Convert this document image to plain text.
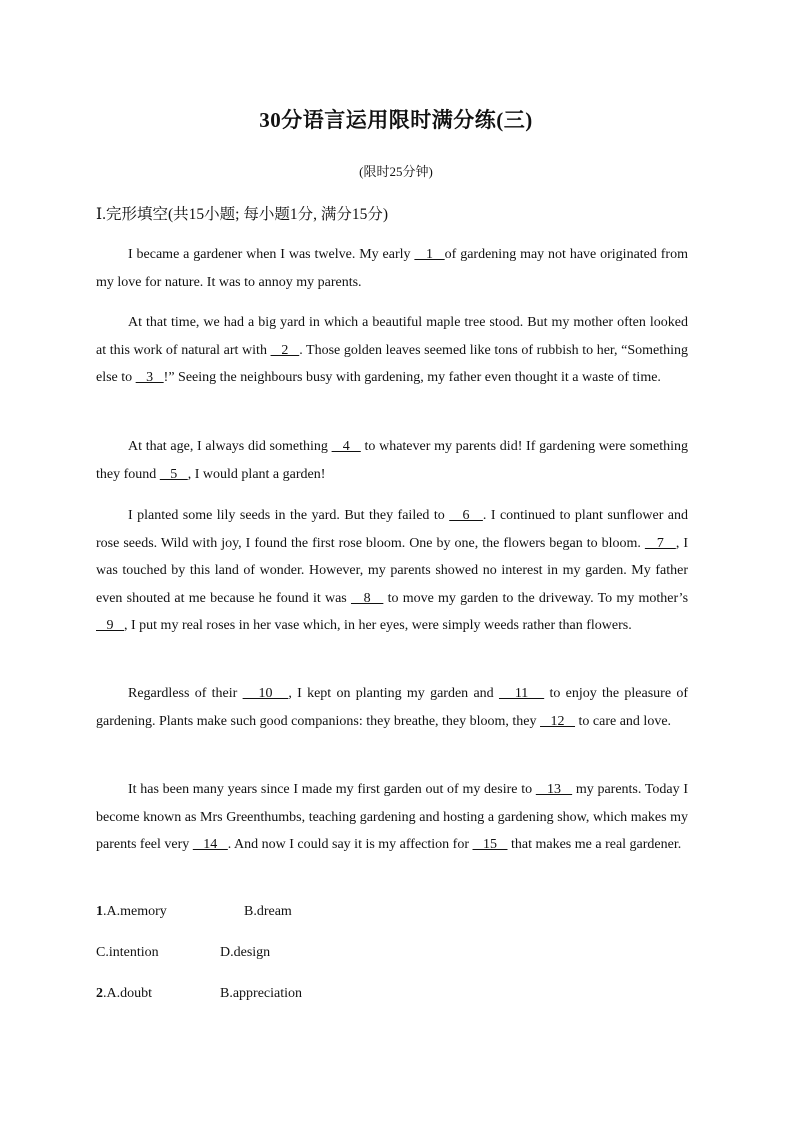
30分语言运用限时满分练(三)
(限时25分钟)
Ⅰ.完形填空(共15小题; 每小题1分, 满分15分)

I became a gardener when I was twelve. My early    1   of gardening may not have originated from my love for nature. It was to annoy my parents.

At that time, we had a big yard in which a beautiful maple tree stood. But my mother often looked at this work of natural art with    2   . Those golden leaves seemed like tons of rubbish to her, “Something else to    3   !” Seeing the neighbours busy with gardening, my father even thought it a waste of time.

At that age, I always did something    4    to whatever my parents did! If gardening were something they found    5   , I would plant a garden!

I planted some lily seeds in the yard. But they failed to    6   . I continued to plant sunflower and rose seeds. Wild with joy, I found the first rose bloom. One by one, the flowers began to bloom.    7   , I was touched by this land of wonder. However, my parents showed no interest in my garden. My father even shouted at me because he found it was    8    to move my garden to the driveway. To my mother’s    9   , I put my real roses in her vase which, in her eyes, were simply weeds rather than flowers.

Regardless of their    10   , I kept on planting my garden and    11    to enjoy the pleasure of gardening. Plants make such good companions: they breathe, they bloom, they    12    to care and love.

It has been many years since I made my first garden out of my desire to    13    my parents. Today I become known as Mrs Greenthumbs, teaching gardening and hosting a gardening show, which makes my parents feel very    14   . And now I could say it is my affection for    15    that makes me a real gardener.

1.A.memory	B.dream
C.intention	D.design
2.A.doubt	B.appreciation
